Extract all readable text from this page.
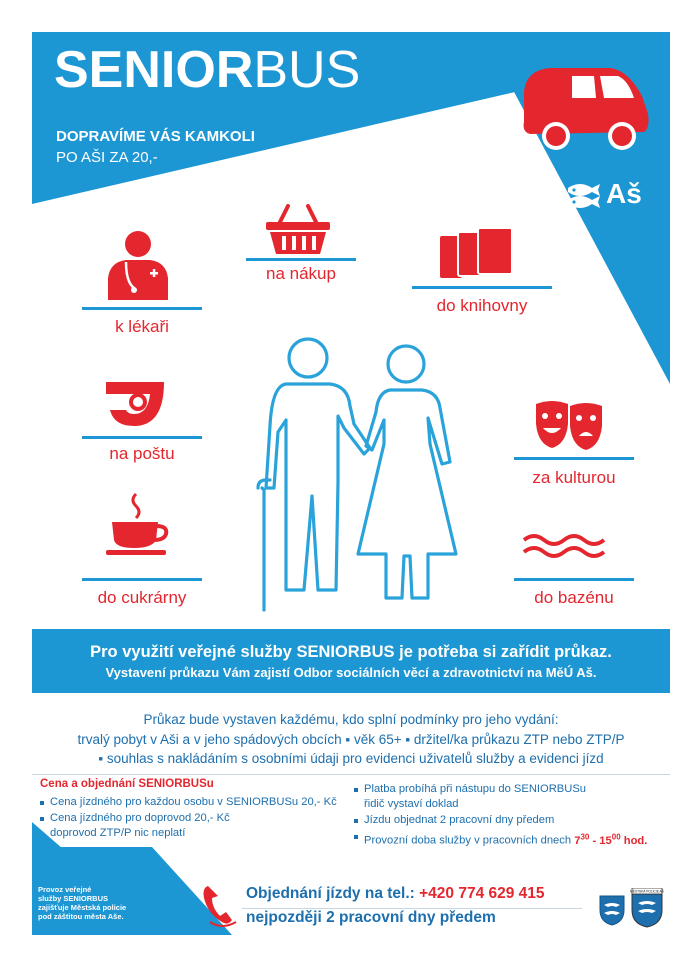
SENIORBUS
DOPRAVÍME VÁS KAMKOLI
PO AŠI ZA 20,-
Aš
na nákup
do knihovny
k lékaři
na poštu
za kulturou
do cukrárny	do bazénu
Pro využití veřejné služby SENIORBUS je potřeba si zařídit průkaz.
Vystavení průkazu Vám zajistí Odbor sociálních věcí a zdravotnictví na MěÚ Aš.
Průkaz bude vystaven každému, kdo splní podmínky pro jeho vydání:
trvalý pobyt v Aši a v jeho spádových obcích ▪ věk 65+ ▪ držitel/ka průkazu ZTP nebo ZTP/P
▪ souhlas s nakládáním s osobními údaji pro evidenci uživatelů služby a evidenci jízd
Cena a objednání SENIORBUSu
Cena jízdného pro každou osobu v SENIORBUSu 20,- Kč
Cena jízdného pro doprovod 20,- Kč doprovod ZTP/P nic neplatí
Platba probíhá při nástupu do SENIORBUSu řidič vystaví doklad
Jízdu objednat 2 pracovní dny předem
Provozní doba služby v pracovních dnech $7^{30} - 15^{00}$ hod.
Provoz veřejné
služby SENIORBUS
zajišťuje Městská policie
pod záštitou města Aše.
Objednání jízdy na tel.: +420 774 629 415
nejpozději 2 pracovní dny předem
MĚSTSKÁ POLICIE AŠ
